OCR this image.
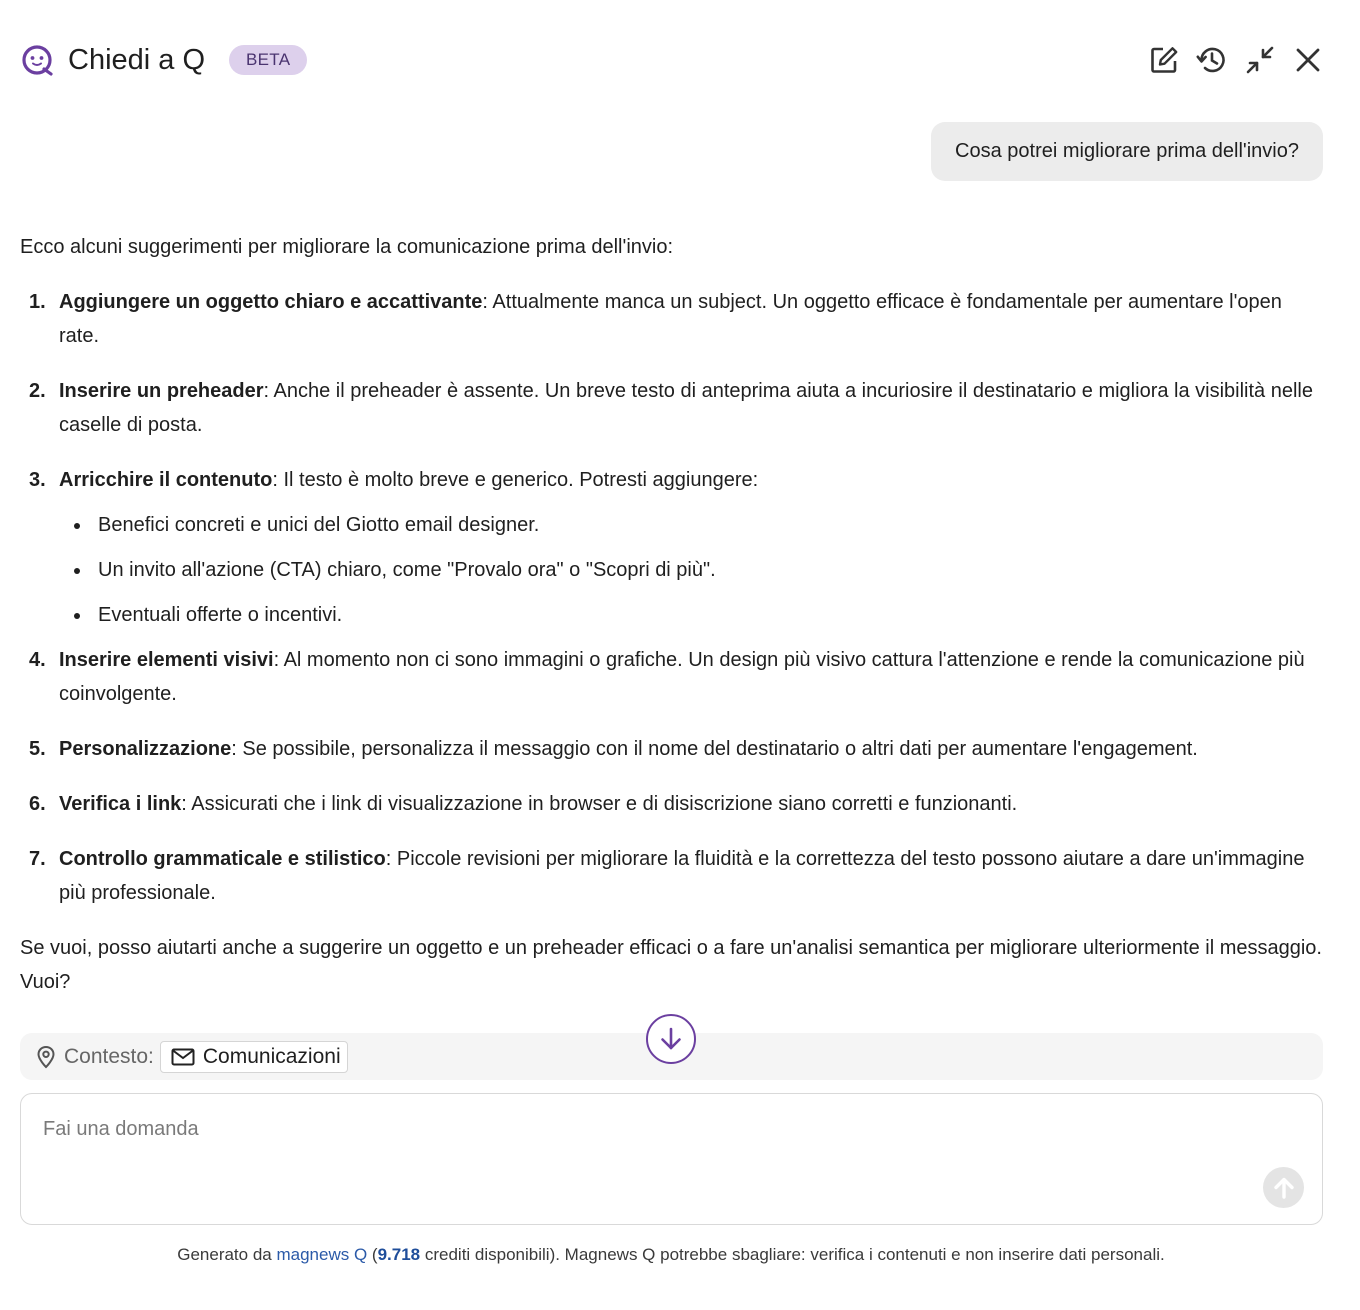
Chiedi a Q	BETA
Cosa potrei migliorare prima dell'invio?

Ecco alcuni suggerimenti per migliorare la comunicazione prima dell'invio:

1. Aggiungere un oggetto chiaro e accattivante: Attualmente manca un subject. Un oggetto efficace è fondamentale per aumentare l'open rate.
2. Inserire un preheader: Anche il preheader è assente. Un breve testo di anteprima aiuta a incuriosire il destinatario e migliora la visibilità nelle caselle di posta.
3. Arricchire il contenuto: Il testo è molto breve e generico. Potresti aggiungere:
Benefici concreti e unici del Giotto email designer.
Un invito all'azione (CTA) chiaro, come "Provalo ora" o "Scopri di più".
Eventuali offerte o incentivi.
4. Inserire elementi visivi: Al momento non ci sono immagini o grafiche. Un design più visivo cattura l'attenzione e rende la comunicazione più coinvolgente.
5. Personalizzazione: Se possibile, personalizza il messaggio con il nome del destinatario o altri dati per aumentare l'engagement.
6. Verifica i link: Assicurati che i link di visualizzazione in browser e di disiscrizione siano corretti e funzionanti.
7. Controllo grammaticale e stilistico: Piccole revisioni per migliorare la fluidità e la correttezza del testo possono aiutare a dare un'immagine più professionale.

Se vuoi, posso aiutarti anche a suggerire un oggetto e un preheader efficaci o a fare un'analisi semantica per migliorare ulteriormente il messaggio. Vuoi?

Contesto: Comunicazioni
Fai una domanda
Generato da magnews Q (9.718 crediti disponibili). Magnews Q potrebbe sbagliare: verifica i contenuti e non inserire dati personali.
